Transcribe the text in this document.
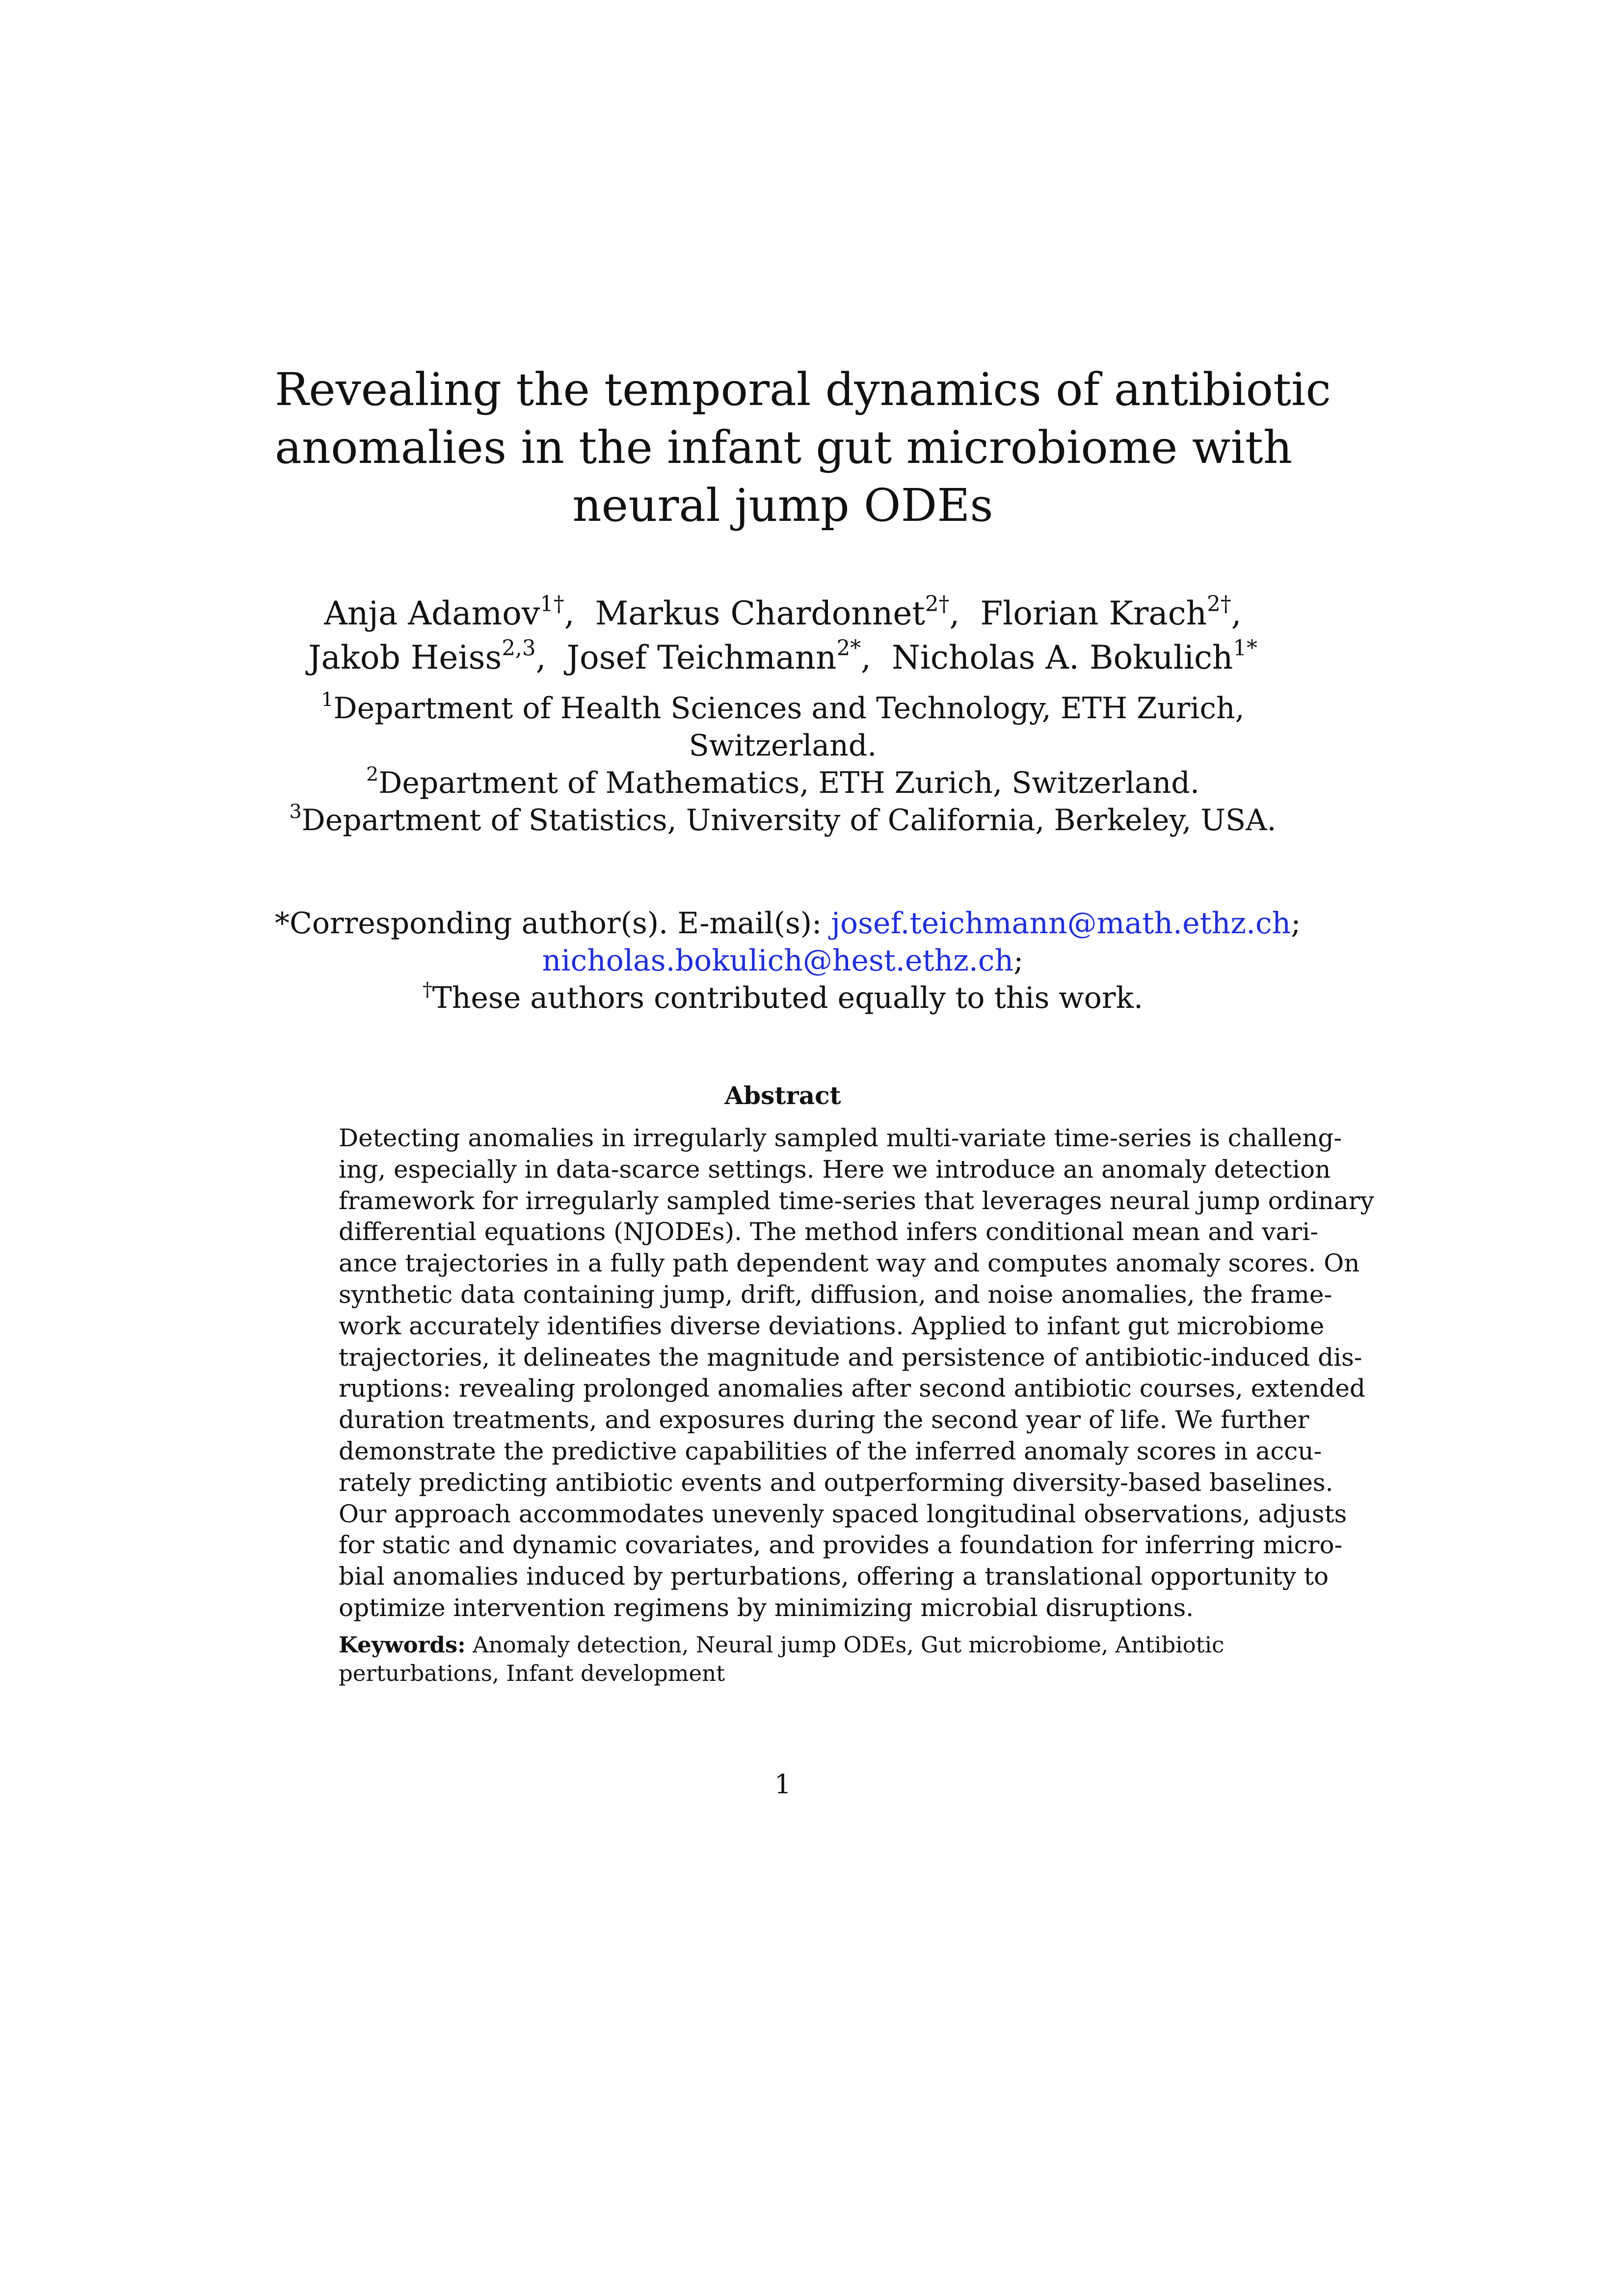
Revealing the temporal dynamics of antibiotic
anomalies in the infant gut microbiome with
neural jump ODEs
Anja Adamov$^{1\dagger}$,  Markus Chardonnet$^{2\dagger}$,  Florian Krach$^{2\dagger}$,
Jakob Heiss$^{2,3}$,  Josef Teichmann$^{2*}$,  Nicholas A. Bokulich$^{1*}$
$^1$Department of Health Sciences and Technology, ETH Zurich,
Switzerland.
$^2$Department of Mathematics, ETH Zurich, Switzerland.
$^3$Department of Statistics, University of California, Berkeley, USA.
*Corresponding author(s). E-mail(s): josef.teichmann@math.ethz.ch;
nicholas.bokulich@hest.ethz.ch;
†These authors contributed equally to this work.
Abstract
Detecting anomalies in irregularly sampled multi-variate time-series is challeng-
ing, especially in data-scarce settings. Here we introduce an anomaly detection
framework for irregularly sampled time-series that leverages neural jump ordinary
differential equations (NJODEs). The method infers conditional mean and vari-
ance trajectories in a fully path dependent way and computes anomaly scores. On
synthetic data containing jump, drift, diffusion, and noise anomalies, the frame-
work accurately identifies diverse deviations. Applied to infant gut microbiome
trajectories, it delineates the magnitude and persistence of antibiotic-induced dis-
ruptions: revealing prolonged anomalies after second antibiotic courses, extended
duration treatments, and exposures during the second year of life. We further
demonstrate the predictive capabilities of the inferred anomaly scores in accu-
rately predicting antibiotic events and outperforming diversity-based baselines.
Our approach accommodates unevenly spaced longitudinal observations, adjusts
for static and dynamic covariates, and provides a foundation for inferring micro-
bial anomalies induced by perturbations, offering a translational opportunity to
optimize intervention regimens by minimizing microbial disruptions.
Keywords: Anomaly detection, Neural jump ODEs, Gut microbiome, Antibiotic
perturbations, Infant development
1
